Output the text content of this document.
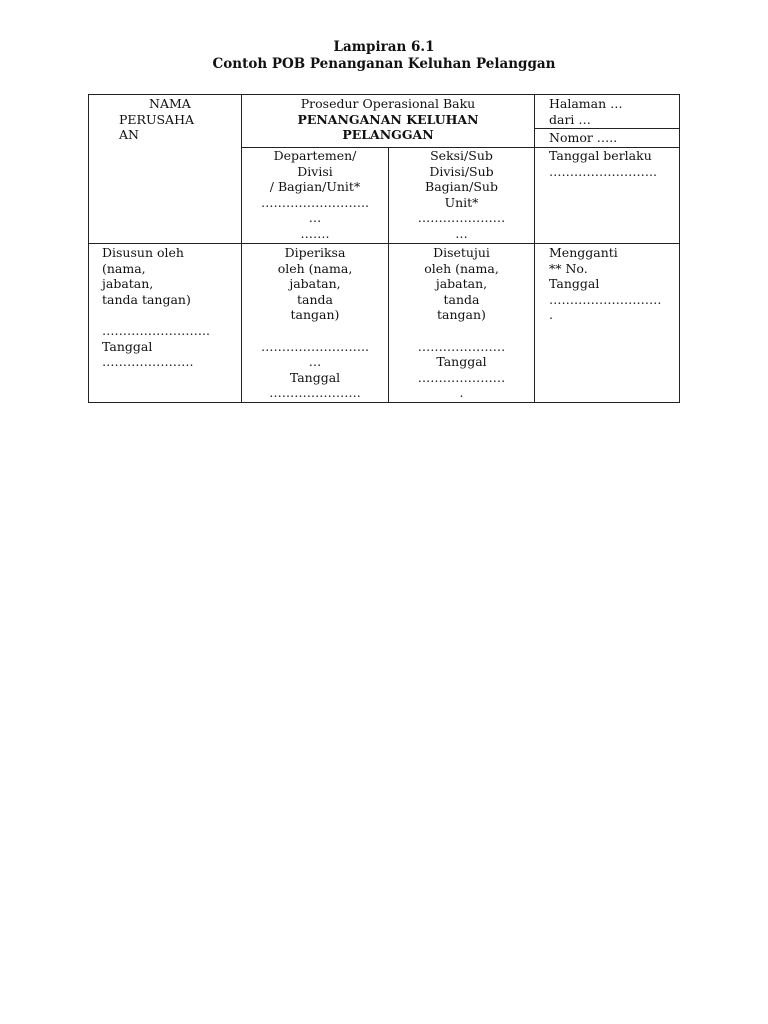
Lampiran 6.1
Contoh POB Penanganan Keluhan Pelanggan
NAMA
PERUSAHA
AN
Prosedur Operasional Baku
PENANGANAN KELUHAN
PELANGGAN
Halaman …
dari …
Nomor …..
Departemen/
Divisi
/ Bagian/Unit*
……………………..
…
…….
Seksi/Sub
Divisi/Sub
Bagian/Sub
Unit*
…………………
…
Tanggal berlaku
……………………..
Disusun oleh
(nama,
jabatan,
tanda tangan)
……………………..
Tanggal
………………….
Diperiksa
oleh (nama,
jabatan,
tanda
tangan)
……………………..
…
Tanggal
………………….
Disetujui
oleh (nama,
jabatan,
tanda
tangan)
…………………
Tanggal
…………………
.
Mengganti
** No.
Tanggal
………………………
.
